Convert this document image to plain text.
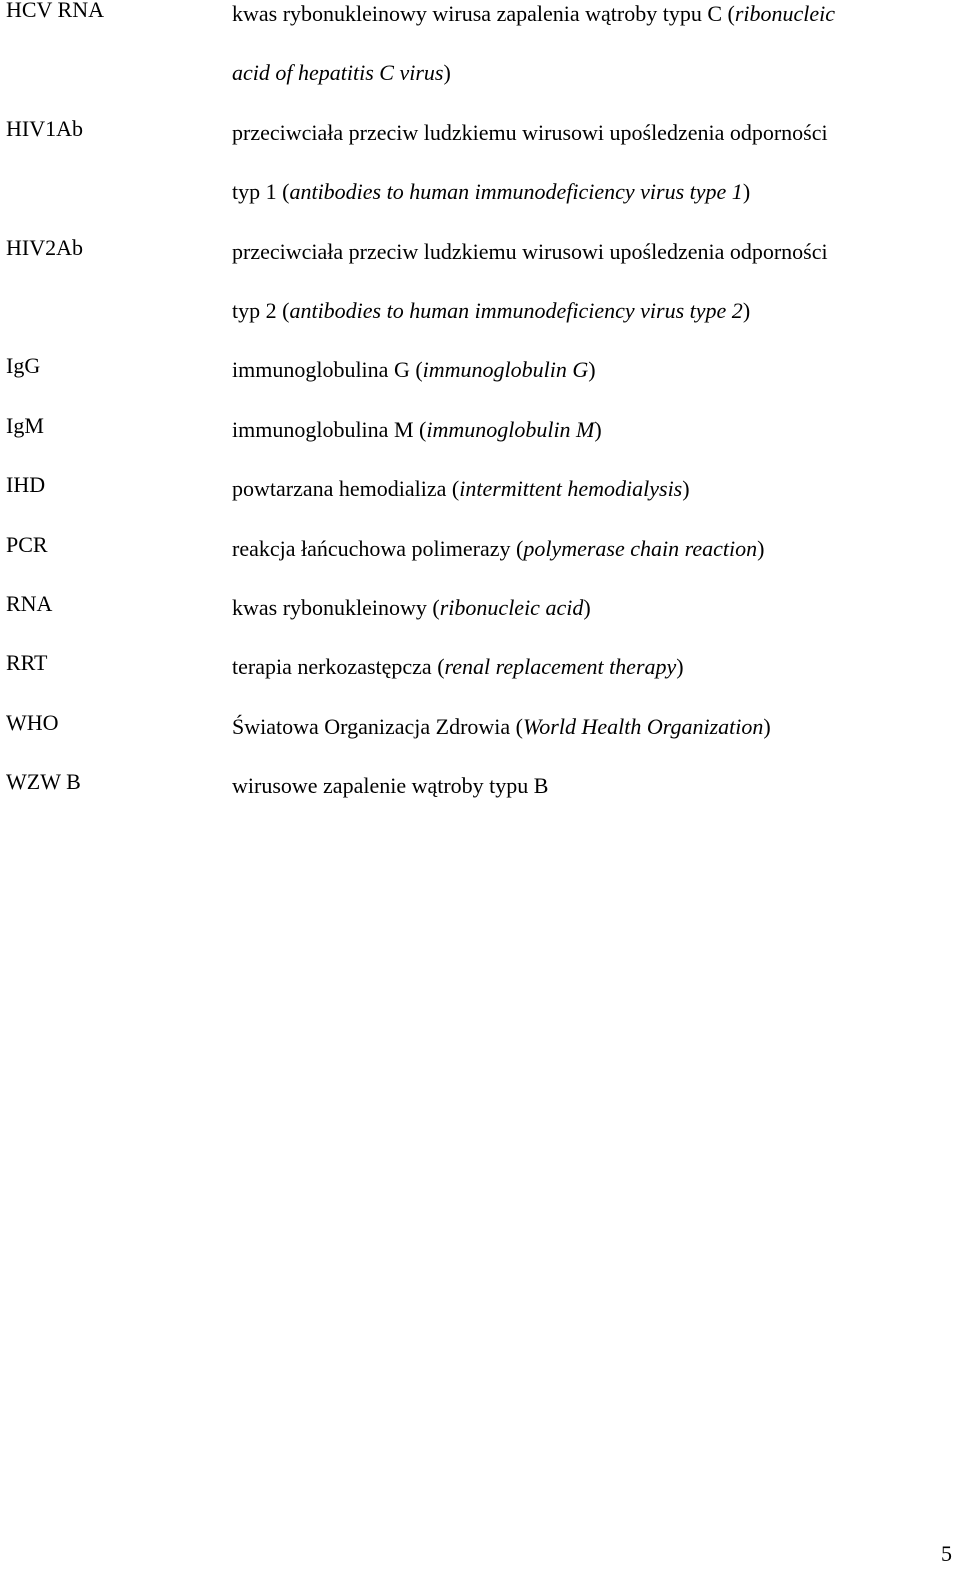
HCV RNA	kwas rybonukleinowy wirusa zapalenia wątroby typu C (ribonucleic
acid of hepatitis C virus)
HIV1Ab	przeciwciała przeciw ludzkiemu wirusowi upośledzenia odporności
typ 1 (antibodies to human immunodeficiency virus type 1)
HIV2Ab	przeciwciała przeciw ludzkiemu wirusowi upośledzenia odporności
typ 2 (antibodies to human immunodeficiency virus type 2)
IgG	immunoglobulina G (immunoglobulin G)
IgM	immunoglobulina M (immunoglobulin M)
IHD	powtarzana hemodializa (intermittent hemodialysis)
PCR	reakcja łańcuchowa polimerazy (polymerase chain reaction)
RNA	kwas rybonukleinowy (ribonucleic acid)
RRT	terapia nerkozastępcza (renal replacement therapy)
WHO	Światowa Organizacja Zdrowia (World Health Organization)
WZW B	wirusowe zapalenie wątroby typu B
5
